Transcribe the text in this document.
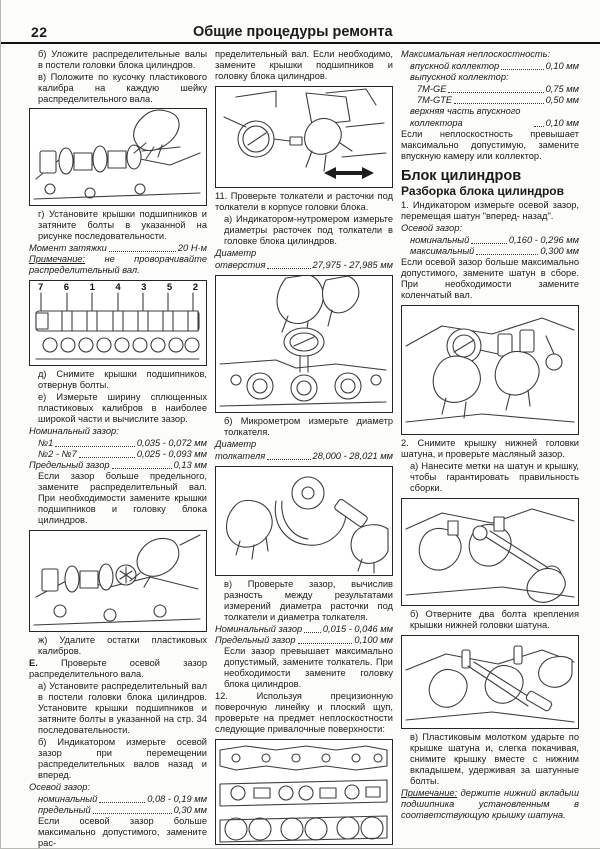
22	Общие процедуры ремонта

б) Уложите распределительные валы в постели головки блока цилиндров.

в) Положите по кусочку пластикового калибра на каждую шейку распределительного вала.

г) Установите крышки подшипников и затяните болты в указанной на рисунке последовательности.

Момент затяжки	20 Н·м

Примечание: не проворачивайте распределительный вал.

7 6 1 4 3 5 2

д) Снимите крышки подшипников, отвернув болты.

е) Измерьте ширину сплющенных пластиковых калибров в наиболее широкой части и вычислите зазор.

Номинальный зазор:

№1	0,035 - 0,072 мм
№2 - №7	0,025 - 0,093 мм
Предельный зазор	0,13 мм

Если зазор больше предельного, замените распределительный вал. При необходимости замените крышки подшипников и головку блока цилиндров.

ж) Удалите остатки пластиковых калибров.

Е. Проверьте осевой зазор распределительного вала.

а) Установите распределительный вал в постели головки блока цилиндров. Установите крышки подшипников и затяните болты в указанной на стр. 34 последовательности.

б) Индикатором измерьте осевой зазор при перемещении распределительных валов назад и вперед.

Осевой зазор:

номинальный	0,08 - 0,19 мм
предельный	0,30 мм

Если осевой зазор больше максимально допустимого, замените рас-

пределительный вал. Если необходимо, замените крышки подшипников и головку блока цилиндров.

11. Проверьте толкатели и расточки под толкатели в корпусе головки блока.

а) Индикатором-нутромером измерьте диаметры расточек под толкатели в головке блока цилиндров.

Диаметр

отверстия	27,975 - 27,985 мм

б) Микрометром измерьте диаметр толкателя.

Диаметр

толкателя	28,000 - 28,021 мм

в) Проверьте зазор, вычислив разность между результатами измерений диаметра расточки под толкатели и диаметра толкателя.

Номинальный зазор 0,015 - 0,046 мм
Предельный зазор	0,100 мм

Если зазор превышает максимально допустимый, замените толкатель. При необходимости замените головку блока цилиндров.

12. Используя прецизионную поверочную линейку и плоский щуп, проверьте на предмет неплоскостности следующие привалочные поверхности:

Максимальная неплоскостность:

впускной коллектор	0,10 мм

выпускной коллектор:

7M-GE	0,75 мм
7M-GTE	0,50 мм
верхняя часть впускного коллектора	0,10 мм

Если неплоскостность превышает максимально допустимую, замените впускную камеру или коллектор.

Блок цилиндров
Разборка блока цилиндров

1. Индикатором измерьте осевой зазор, перемещая шатун "вперед- назад".

Осевой зазор:

номинальный	0,160 - 0,296 мм
максимальный	0,300 мм

Если осевой зазор больше максимально допустимого, замените шатун в сборе. При необходимости замените коленчатый вал.

2. Снимите крышку нижней головки шатуна, и проверьте масляный зазор.

а) Нанесите метки на шатун и крышку, чтобы гарантировать правильность сборки.

б) Отверните два болта крепления крышки нижней головки шатуна.

в) Пластиковым молотком ударьте по крышке шатуна и, слегка покачивая, снимите крышку вместе с нижним вкладышем, удерживая за шатунные болты.

Примечание: держите нижний вкладыш подшипника установленным в соответствующую крышку шатуна.
